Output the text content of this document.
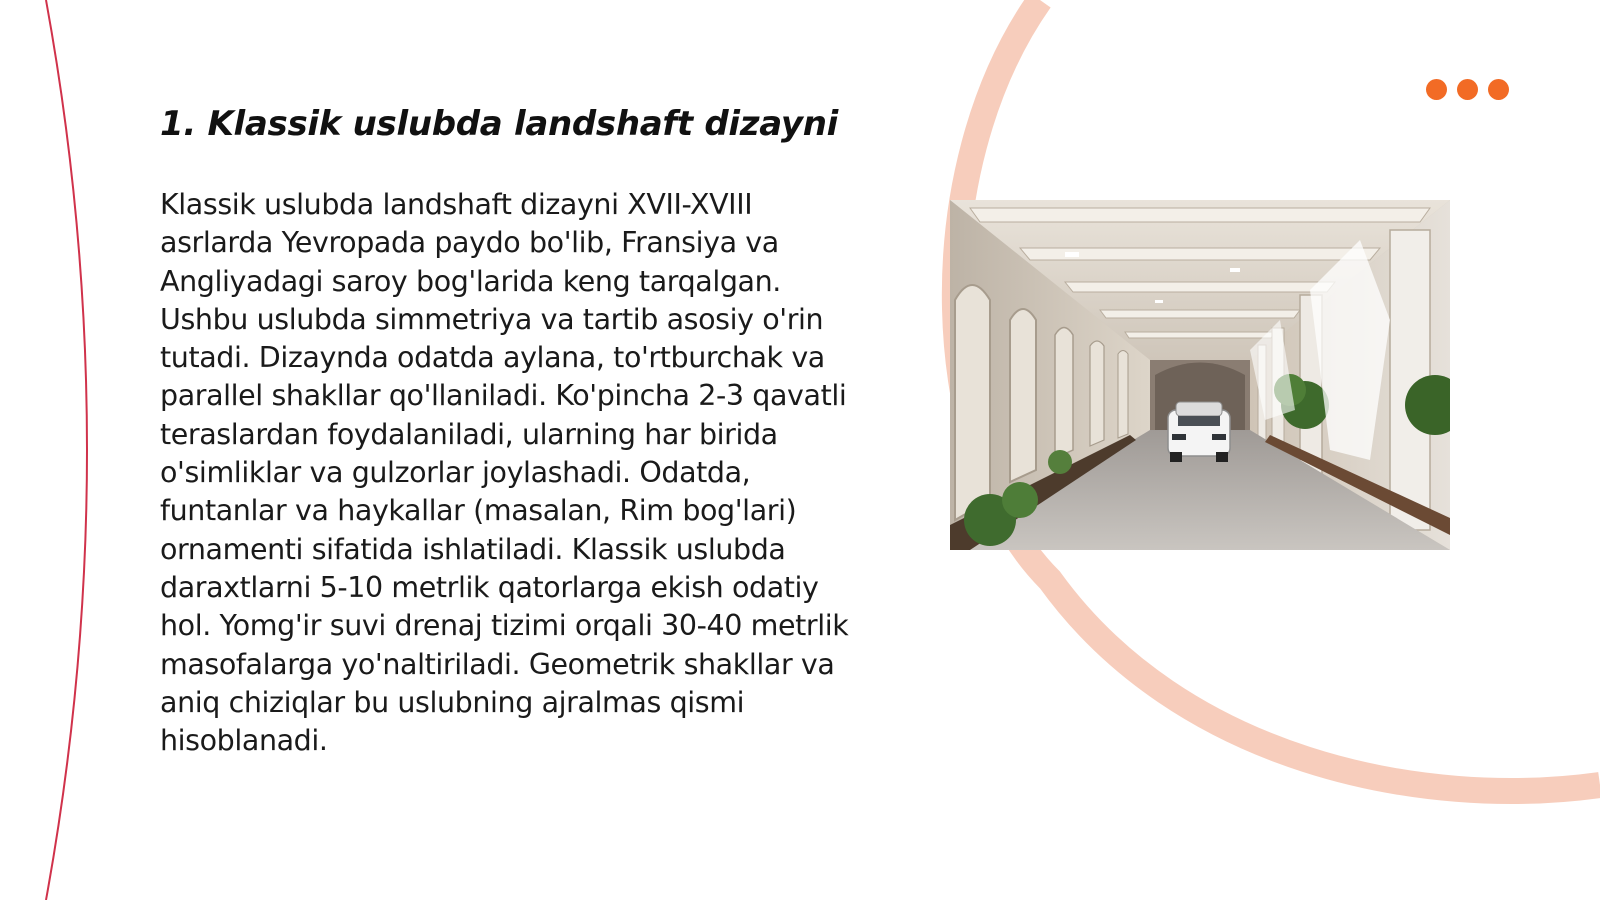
1. Klassik uslubda landshaft dizayni

Klassik uslubda landshaft dizayni XVII-XVIII asrlarda Yevropada paydo bo'lib, Fransiya va Angliyadagi saroy bog'larida keng tarqalgan. Ushbu uslubda simmetriya va tartib asosiy o'rin tutadi. Dizaynda odatda aylana, to'rtburchak va parallel shakllar qo'llaniladi. Ko'pincha 2-3 qavatli teraslardan foydalaniladi, ularning har birida o'simliklar va gulzorlar joylashadi. Odatda, funtanlar va haykallar (masalan, Rim bog'lari) ornamenti sifatida ishlatiladi. Klassik uslubda daraxtlarni 5-10 metrlik qatorlarga ekish odatiy hol. Yomg'ir suvi drenaj tizimi orqali 30-40 metrlik masofalarga yo'naltiriladi. Geometrik shakllar va aniq chiziqlar bu uslubning ajralmas qismi hisoblanadi.
